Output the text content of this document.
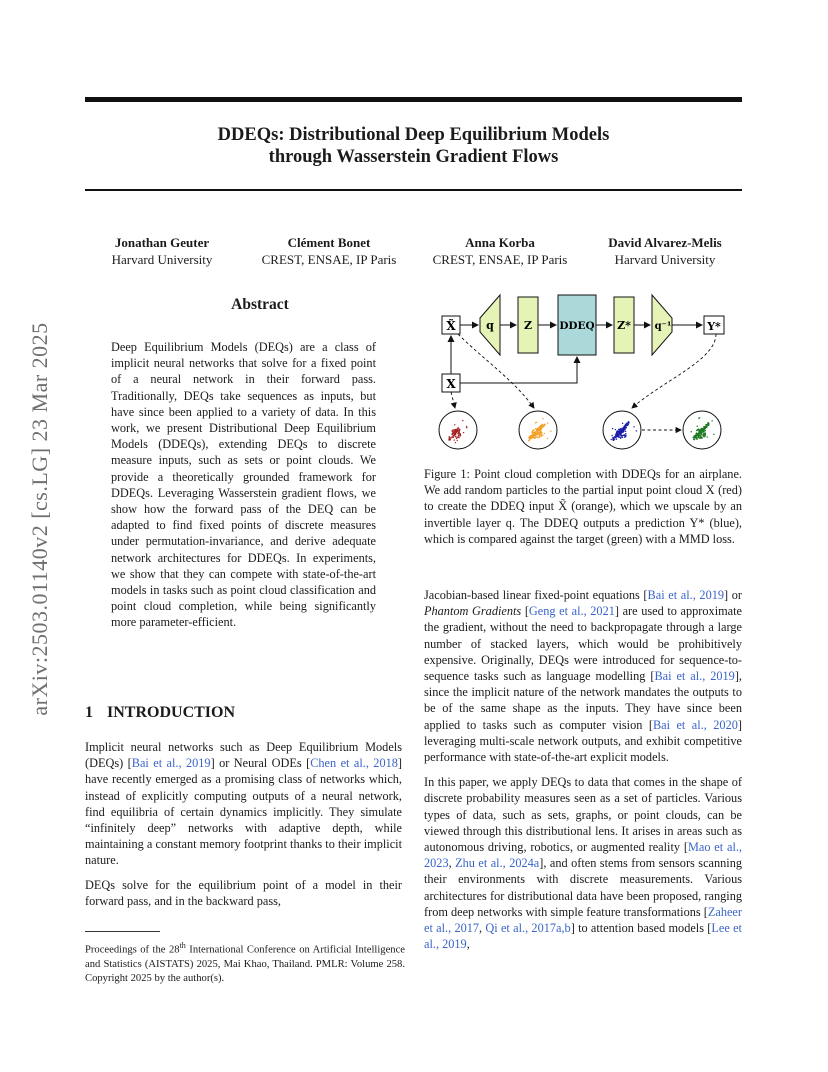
DDEQs: Distributional Deep Equilibrium Models
through Wasserstein Gradient Flows
Jonathan Geuter
Harvard University
Clément Bonet
CREST, ENSAE, IP Paris
Anna Korba
CREST, ENSAE, IP Paris
David Alvarez-Melis
Harvard University
arXiv:2503.01140v2 [cs.LG] 23 Mar 2025
Abstract

Deep Equilibrium Models (DEQs) are a class of implicit neural networks that solve for a fixed point of a neural network in their forward pass. Traditionally, DEQs take sequences as inputs, but have since been applied to a variety of data. In this work, we present Distributional Deep Equilibrium Models (DDEQs), extending DEQs to discrete measure inputs, such as sets or point clouds. We provide a theoretically grounded framework for DDEQs. Leveraging Wasserstein gradient flows, we show how the forward pass of the DEQ can be adapted to find fixed points of discrete measures under permutation-invariance, and derive adequate network architectures for DDEQs. In experiments, we show that they can compete with state-of-the-art models in tasks such as point cloud classification and point cloud completion, while being significantly more parameter-efficient.

1 INTRODUCTION

Implicit neural networks such as Deep Equilibrium Models (DEQs) [Bai et al., 2019] or Neural ODEs [Chen et al., 2018] have recently emerged as a promising class of networks which, instead of explicitly computing outputs of a neural network, find equilibria of certain dynamics implicitly. They simulate “infinitely deep” networks with adaptive depth, while maintaining a constant memory footprint thanks to their implicit nature.

DEQs solve for the equilibrium point of a model in their forward pass, and in the backward pass,

Proceedings of the 28th International Conference on Artificial Intelligence and Statistics (AISTATS) 2025, Mai Khao, Thailand. PMLR: Volume 258. Copyright 2025 by the author(s).
X̃	q	Z	DDEQ Z* q⁻¹	Y*
X

Figure 1: Point cloud completion with DDEQs for an airplane. We add random particles to the partial input point cloud X (red) to create the DDEQ input X̃ (orange), which we upscale by an invertible layer q. The DDEQ outputs a prediction Y* (blue), which is compared against the target (green) with a MMD loss.

Jacobian-based linear fixed-point equations [Bai et al., 2019] or Phantom Gradients [Geng et al., 2021] are used to approximate the gradient, without the need to backpropagate through a large number of stacked layers, which would be prohibitively expensive. Originally, DEQs were introduced for sequence-to-sequence tasks such as language modelling [Bai et al., 2019], since the implicit nature of the network mandates the outputs to be of the same shape as the inputs. They have since been applied to tasks such as computer vision [Bai et al., 2020] leveraging multi-scale network outputs, and exhibit competitive performance with state-of-the-art explicit models.

In this paper, we apply DEQs to data that comes in the shape of discrete probability measures seen as a set of particles. Various types of data, such as sets, graphs, or point clouds, can be viewed through this distributional lens. It arises in areas such as autonomous driving, robotics, or augmented reality [Mao et al., 2023, Zhu et al., 2024a], and often stems from sensors scanning their environments with discrete measurements. Various architectures for distributional data have been proposed, ranging from deep networks with simple feature transformations [Zaheer et al., 2017, Qi et al., 2017a,b] to attention based models [Lee et al., 2019,
